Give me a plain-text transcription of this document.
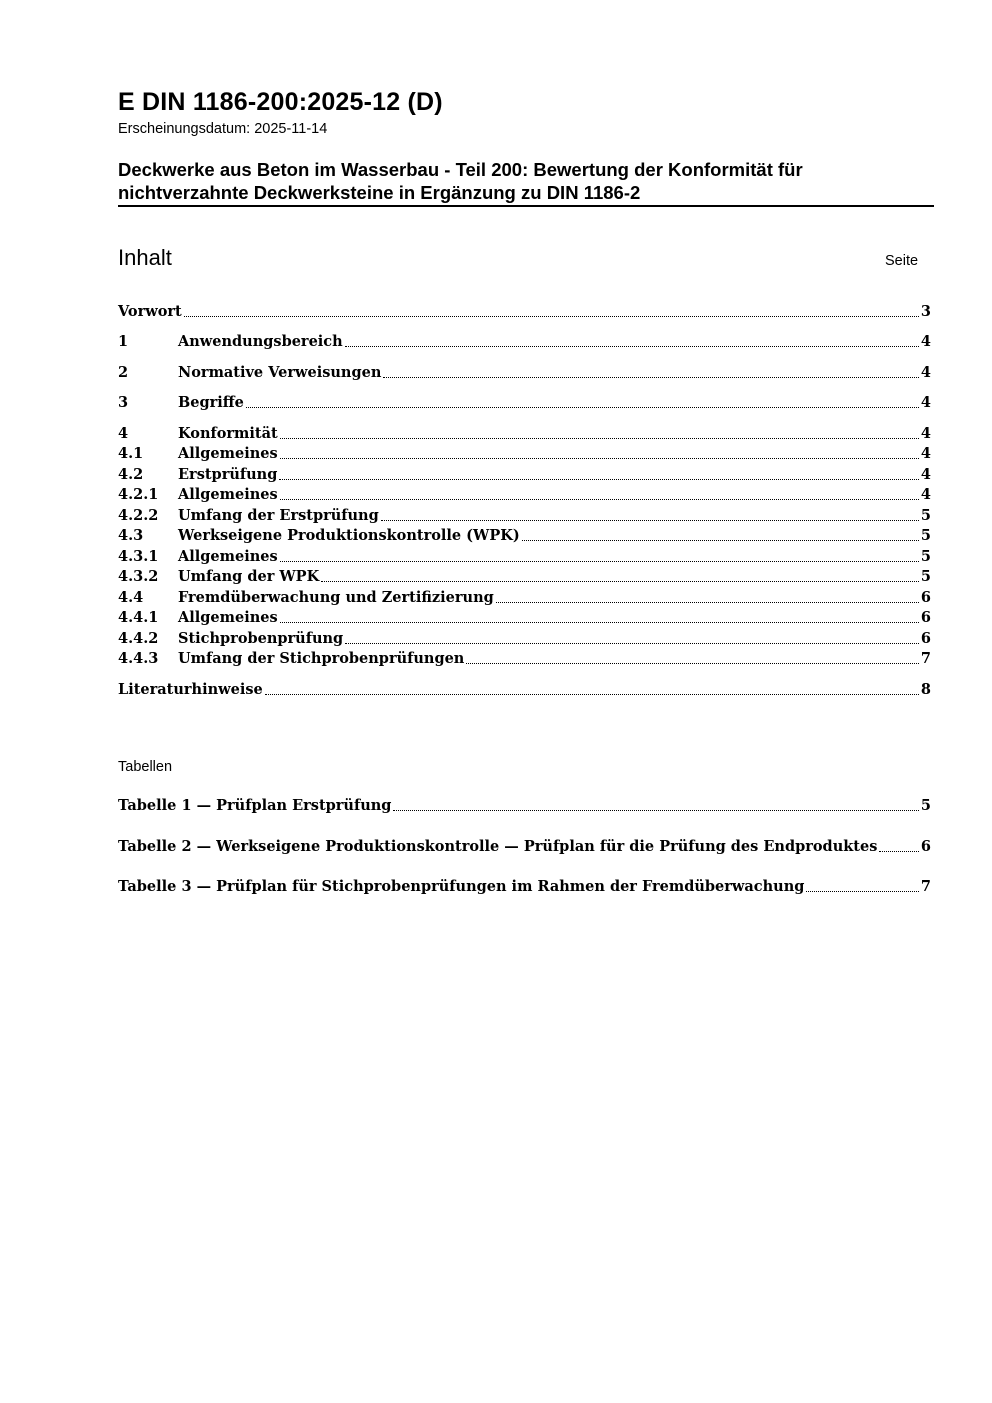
E DIN 1186-200:2025-12 (D)
Erscheinungsdatum: 2025-11-14
Deckwerke aus Beton im Wasserbau - Teil 200: Bewertung der Konformität für nichtverzahnte Deckwerksteine in Ergänzung zu DIN 1186-2
Inhalt	Seite
Vorwort	3
1	Anwendungsbereich	4
2	Normative Verweisungen	4
3	Begriffe	4
4	Konformität	4
4.1	Allgemeines	4
4.2	Erstprüfung	4
4.2.1	Allgemeines	4
4.2.2	Umfang der Erstprüfung	5
4.3	Werkseigene Produktionskontrolle (WPK)	5
4.3.1	Allgemeines	5
4.3.2	Umfang der WPK	5
4.4	Fremdüberwachung und Zertifizierung	6
4.4.1	Allgemeines	6
4.4.2	Stichprobenprüfung	6
4.4.3	Umfang der Stichprobenprüfungen	7
Literaturhinweise	8
Tabellen
Tabelle 1 — Prüfplan Erstprüfung	5
Tabelle 2 — Werkseigene Produktionskontrolle — Prüfplan für die Prüfung des Endproduktes	6
Tabelle 3 — Prüfplan für Stichprobenprüfungen im Rahmen der Fremdüberwachung	7
